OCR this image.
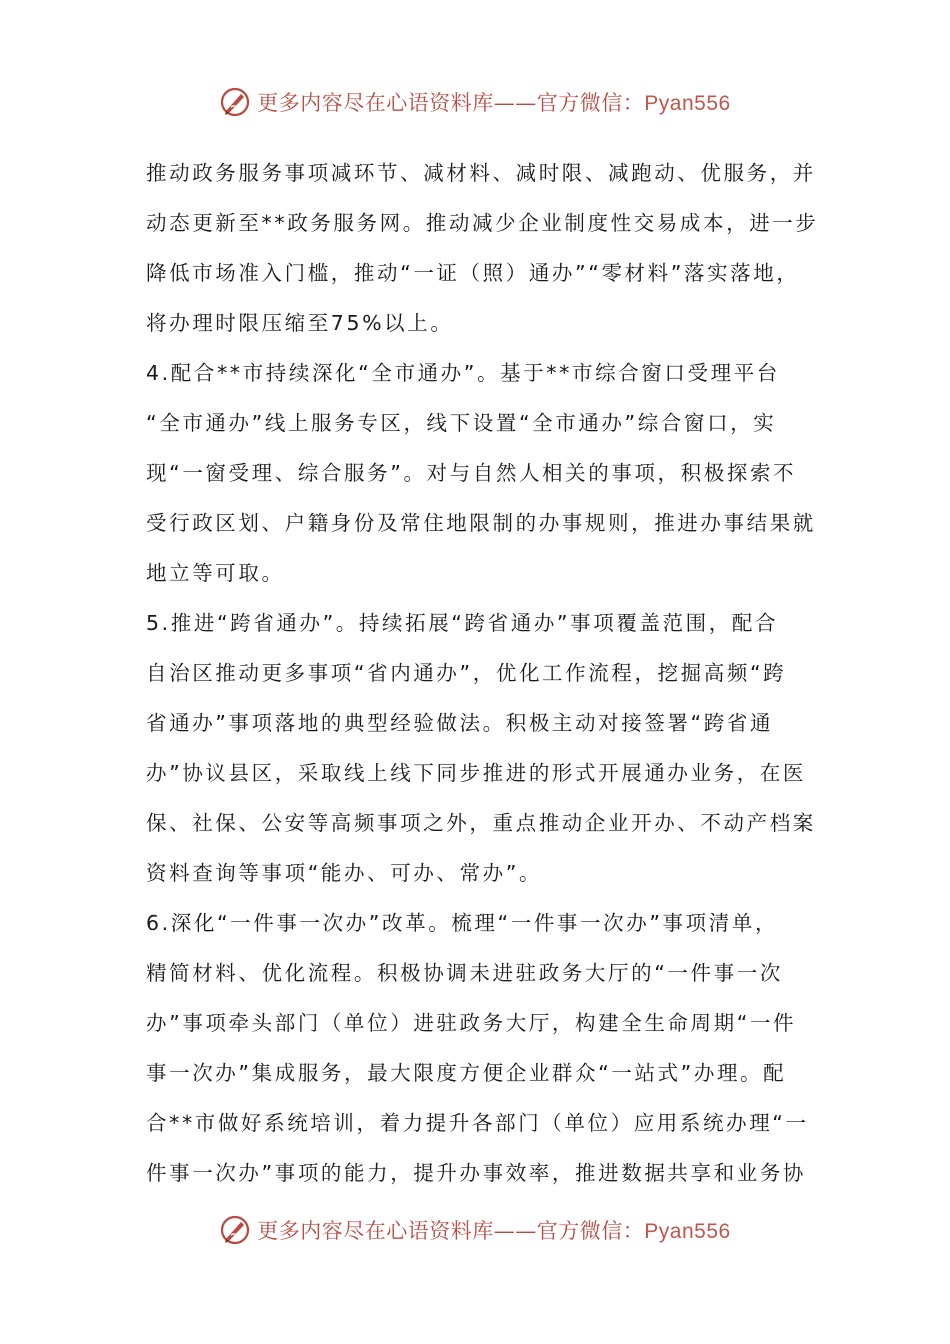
更多内容尽在心语资料库——官方微信：Pyan556
推动政务服务事项减环节、减材料、减时限、减跑动、优服务，并
动态更新至**政务服务网。推动减少企业制度性交易成本，进一步
降低市场准入门槛，推动“一证（照）通办”“零材料”落实落地，
将办理时限压缩至75%以上。
4.配合**市持续深化“全市通办”。基于**市综合窗口受理平台
“全市通办”线上服务专区，线下设置“全市通办”综合窗口，实
现“一窗受理、综合服务”。对与自然人相关的事项，积极探索不
受行政区划、户籍身份及常住地限制的办事规则，推进办事结果就
地立等可取。
5.推进“跨省通办”。持续拓展“跨省通办”事项覆盖范围，配合
自治区推动更多事项“省内通办”，优化工作流程，挖掘高频“跨
省通办”事项落地的典型经验做法。积极主动对接签署“跨省通
办”协议县区，采取线上线下同步推进的形式开展通办业务，在医
保、社保、公安等高频事项之外，重点推动企业开办、不动产档案
资料查询等事项“能办、可办、常办”。
6.深化“一件事一次办”改革。梳理“一件事一次办”事项清单，
精简材料、优化流程。积极协调未进驻政务大厅的“一件事一次
办”事项牵头部门（单位）进驻政务大厅，构建全生命周期“一件
事一次办”集成服务，最大限度方便企业群众“一站式”办理。配
合**市做好系统培训，着力提升各部门（单位）应用系统办理“一
件事一次办”事项的能力，提升办事效率，推进数据共享和业务协
更多内容尽在心语资料库——官方微信：Pyan556
